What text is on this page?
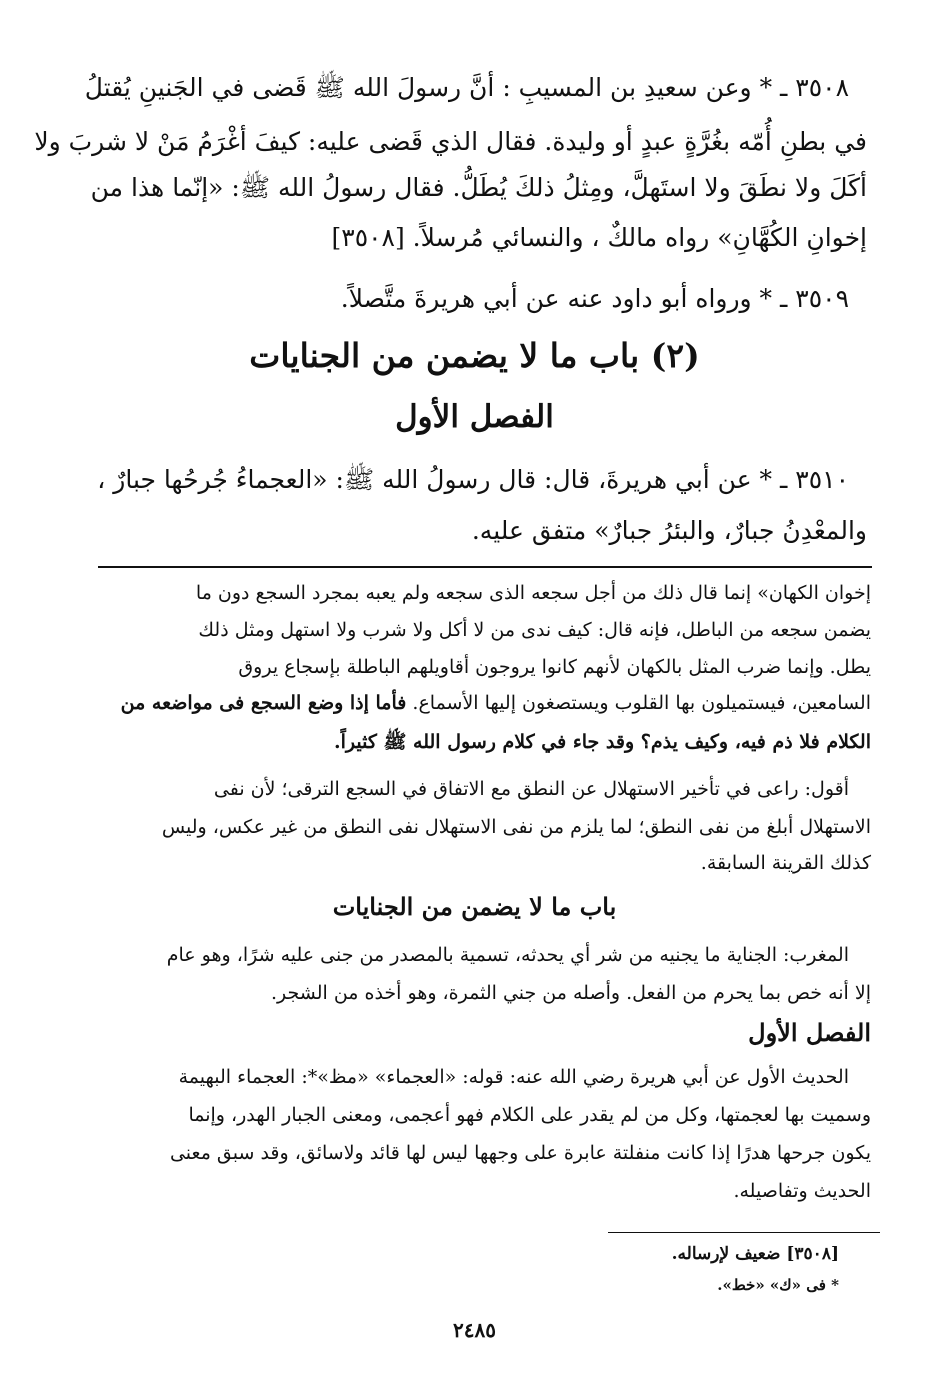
٣٥٠٨ ـ * وعن سعيدِ بن المسيبِ : أنَّ رسولَ الله ﷺ قَضى في الجَنينِ يُقتلُ
في بطنِ أُمّه بغُرَّةٍ عبدٍ أو وليدة. فقال الذي قَضى عليه: كيفَ أغْرَمُ مَنْ لا شربَ ولا
أكَلَ ولا نطَقَ ولا استَهلَّ، ومِثلُ ذلكَ يُطَلُّ. فقال رسولُ الله ﷺ: «إنّما هذا من
إخوانِ الكُهَّانِ» رواه مالكٌ ، والنسائي مُرسلاً. [٣٥٠٨]
٣٥٠٩ ـ * ورواه أبو داود عنه عن أبي هريرةَ متَّصلاً.
(٢) باب ما لا يضمن من الجنايات
الفصل الأول
٣٥١٠ ـ * عن أبي هريرةَ، قال: قال رسولُ الله ﷺ: «العجماءُ جُرحُها جبارٌ ،
والمعْدِنُ جبارٌ، والبئرُ جبارٌ» متفق عليه.
إخوان الكهان» إنما قال ذلك من أجل سجعه الذى سجعه ولم يعبه بمجرد السجع دون ما
يضمن سجعه من الباطل، فإنه قال: كيف ندى من لا أكل ولا شرب ولا استهل ومثل ذلك
يطل. وإنما ضرب المثل بالكهان لأنهم كانوا يروجون أقاويلهم الباطلة بإسجاع يروق
السامعين، فيستميلون بها القلوب ويستصغون إليها الأسماع. فأما إذا وضع السجع فى مواضعه من
الكلام فلا ذم فيه، وكيف يذم؟ وقد جاء في كلام رسول الله ﷺ كثيراً.
أقول: راعى في تأخير الاستهلال عن النطق مع الاتفاق في السجع الترقى؛ لأن نفى
الاستهلال أبلغ من نفى النطق؛ لما يلزم من نفى الاستهلال نفى النطق من غير عكس، وليس
كذلك القرينة السابقة.
باب ما لا يضمن من الجنايات
المغرب: الجناية ما يجنيه من شر أي يحدثه، تسمية بالمصدر من جنى عليه شرًا، وهو عام
إلا أنه خص بما يحرم من الفعل. وأصله من جني الثمرة، وهو أخذه من الشجر.
الفصل الأول
الحديث الأول عن أبي هريرة رضي الله عنه: قوله: «العجماء» «مظ»*: العجماء البهيمة
وسميت بها لعجمتها، وكل من لم يقدر على الكلام فهو أعجمى، ومعنى الجبار الهدر، وإنما
يكون جرحها هدرًا إذا كانت منفلتة عابرة على وجهها ليس لها قائد ولاسائق، وقد سبق معنى
الحديث وتفاصيله.
[٣٥٠٨] ضعيف لإرساله.
* فى «ك» «خط».
٢٤٨٥
